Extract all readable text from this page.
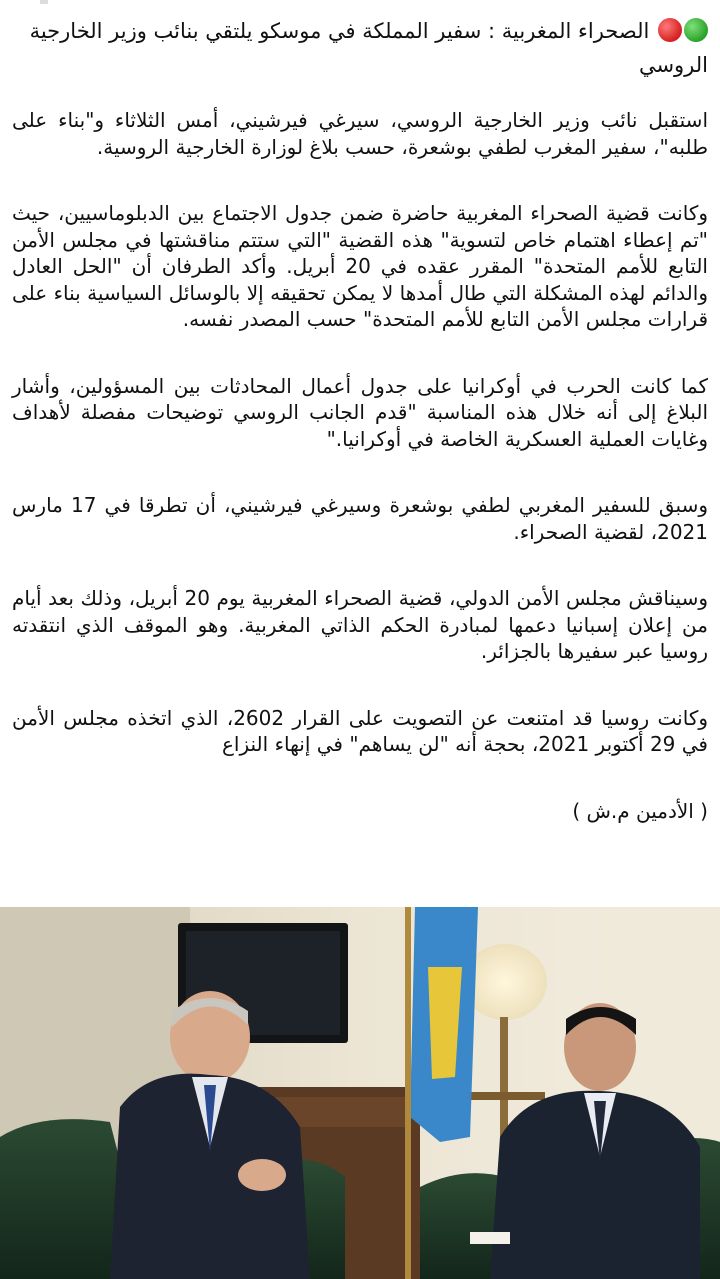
الصحراء المغربية : سفير المملكة في موسكو يلتقي بنائب وزير الخارجية الروسي

استقبل نائب وزير الخارجية الروسي، سيرغي فيرشيني، أمس الثلاثاء و"بناء على طلبه"، سفير المغرب لطفي بوشعرة، حسب بلاغ لوزارة الخارجية الروسية.

وكانت قضية الصحراء المغربية حاضرة ضمن جدول الاجتماع بين الدبلوماسيين، حيث "تم إعطاء اهتمام خاص لتسوية" هذه القضية "التي ستتم مناقشتها في مجلس الأمن التابع للأمم المتحدة" المقرر عقده في 20 أبريل. وأكد الطرفان أن "الحل العادل والدائم لهذه المشكلة التي طال أمدها لا يمكن تحقيقه إلا بالوسائل السياسية بناء على قرارات مجلس الأمن التابع للأمم المتحدة" حسب المصدر نفسه.

كما كانت الحرب في أوكرانيا على جدول أعمال المحادثات بين المسؤولين، وأشار البلاغ إلى أنه خلال هذه المناسبة "قدم الجانب الروسي توضيحات مفصلة لأهداف وغايات العملية العسكرية الخاصة في أوكرانيا."

وسبق للسفير المغربي لطفي بوشعرة وسيرغي فيرشيني، أن تطرقا في 17 مارس 2021، لقضية الصحراء.

وسيناقش مجلس الأمن الدولي، قضية الصحراء المغربية يوم 20 أبريل، وذلك بعد أيام من إعلان إسبانيا دعمها لمبادرة الحكم الذاتي المغربية. وهو الموقف الذي انتقدته روسيا عبر سفيرها بالجزائر.

وكانت روسيا قد امتنعت عن التصويت على القرار 2602، الذي اتخذه مجلس الأمن في 29 أكتوبر 2021، بحجة أنه "لن يساهم" في إنهاء النزاع

( الأدمين م.ش )
